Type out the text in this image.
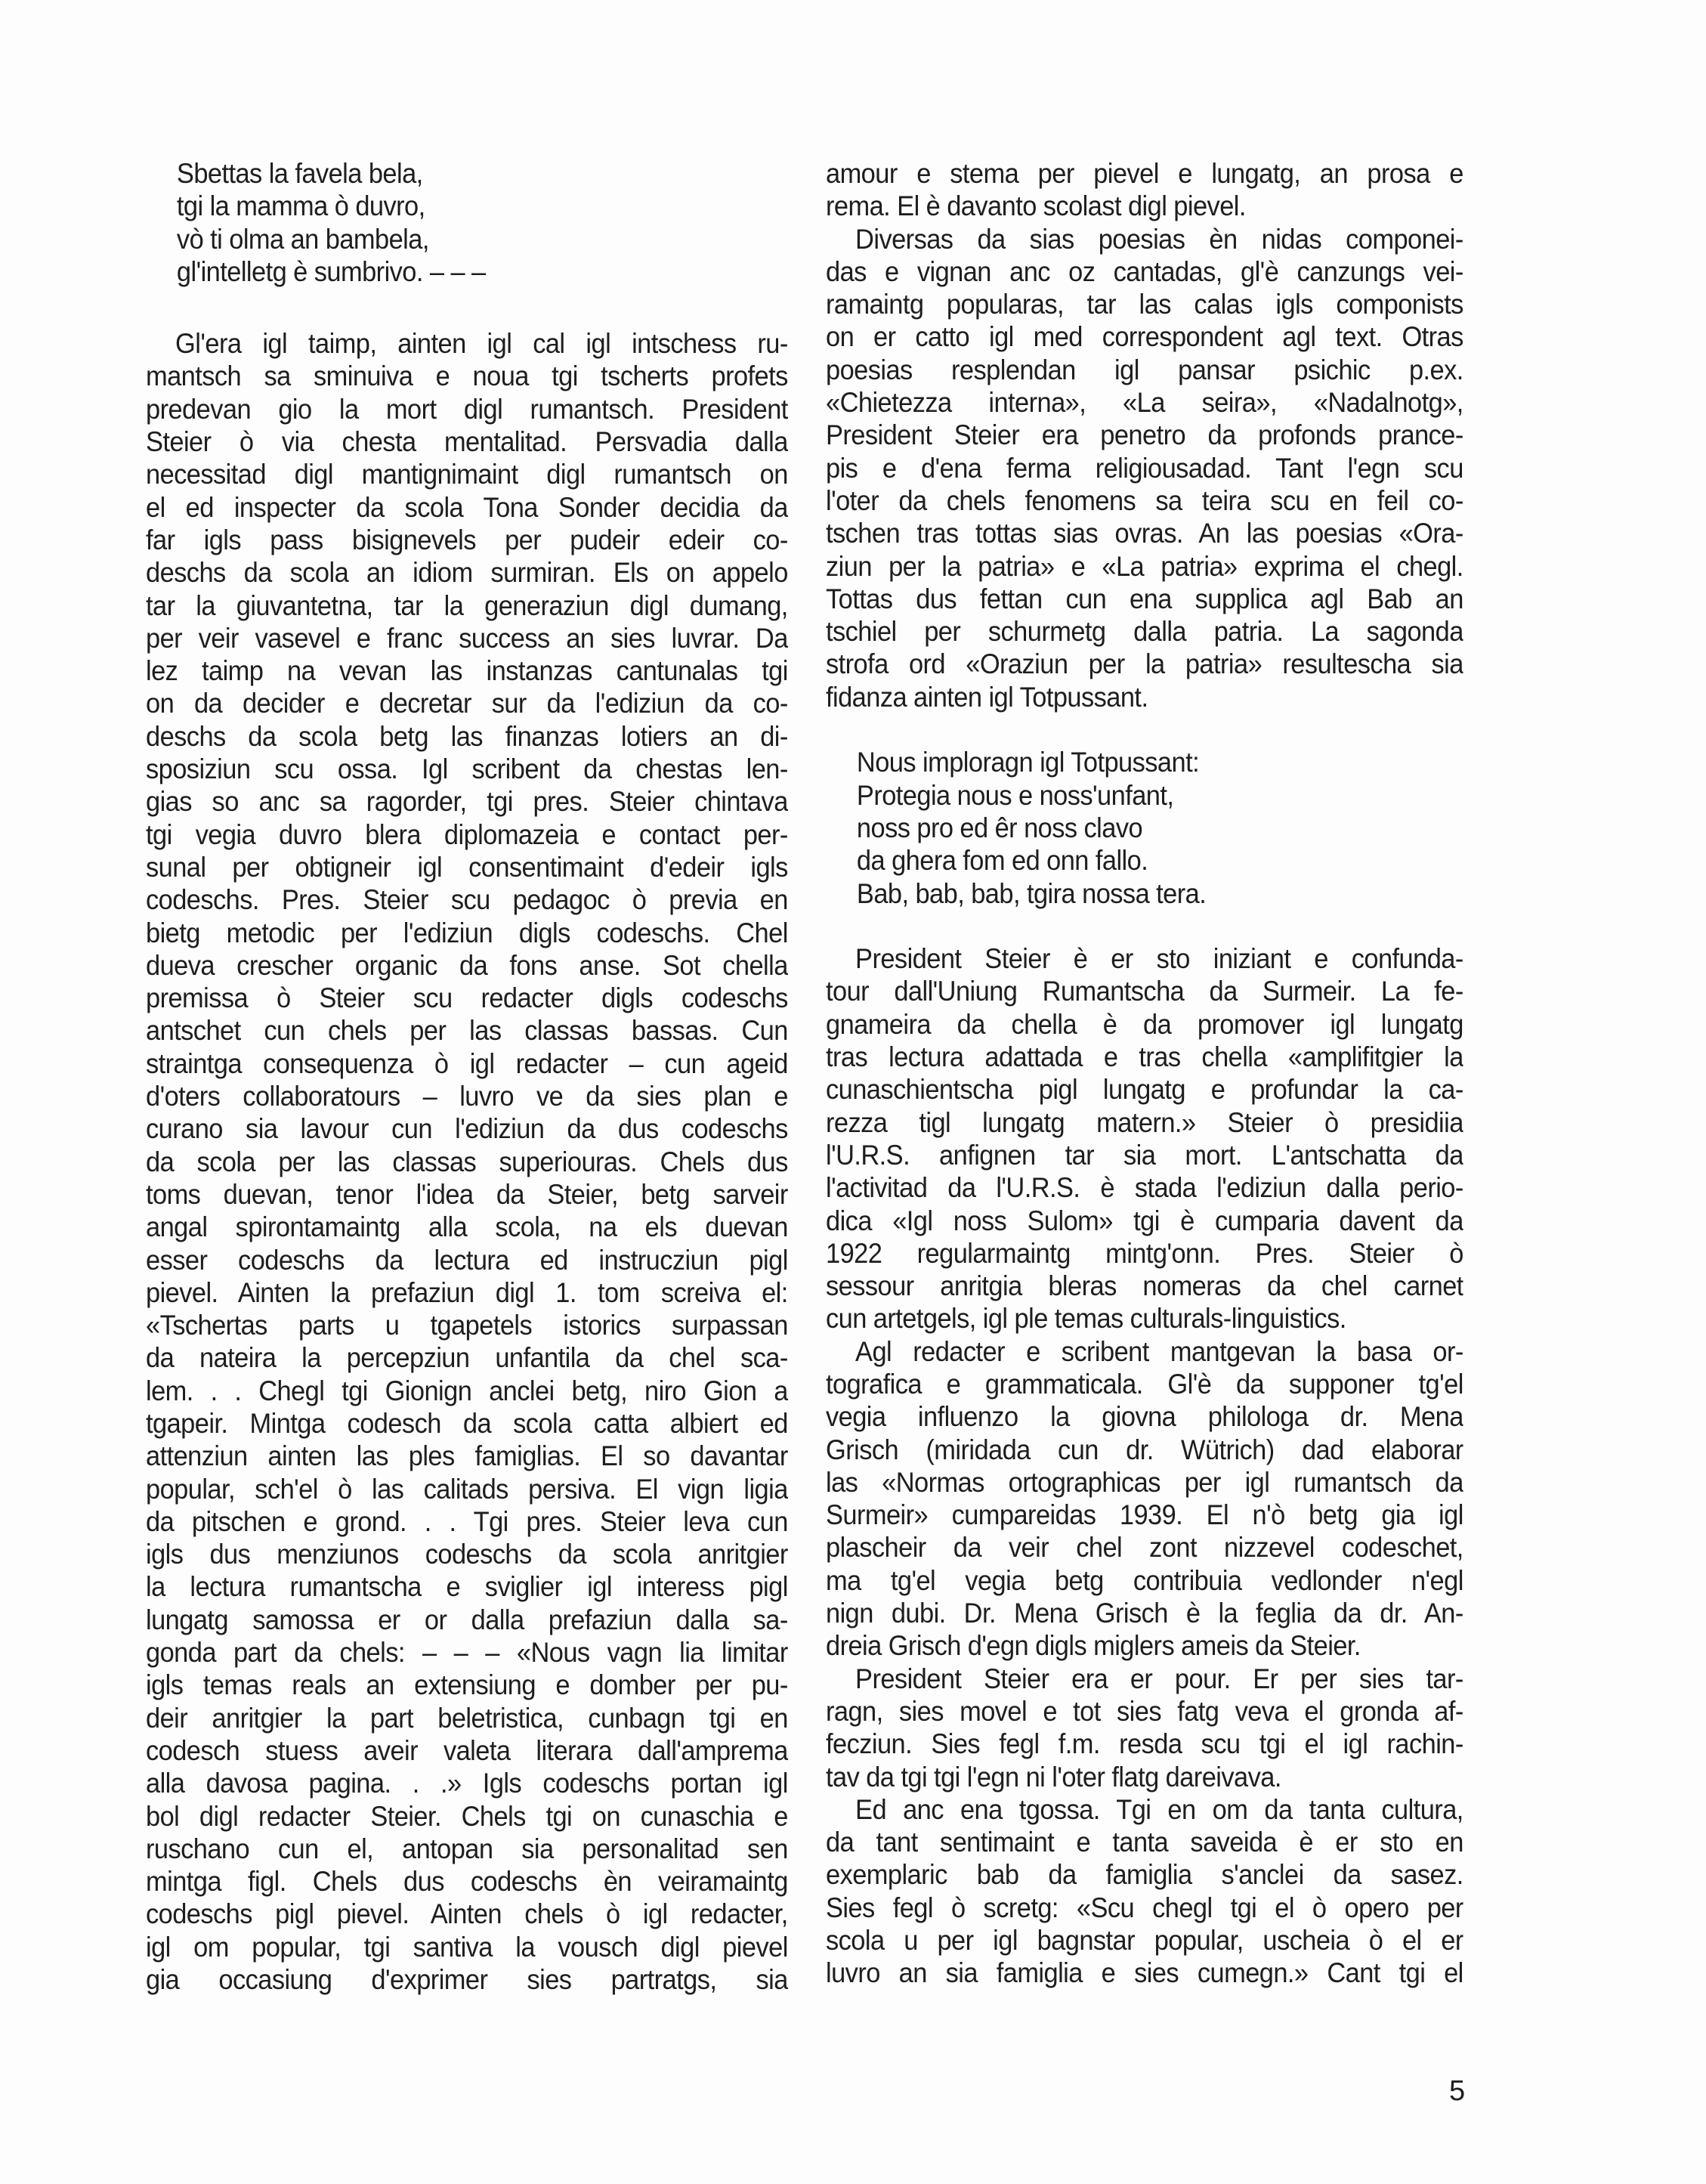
Sbettas la favela bela,
tgi la mamma ò duvro,
vò ti olma an bambela,
gl'intelletg è sumbrivo. – – –
Gl'era igl taimp, ainten igl cal igl intschess ru-
mantsch sa sminuiva e noua tgi tscherts profets
predevan gio la mort digl rumantsch. President
Steier ò via chesta mentalitad. Persvadia dalla
necessitad digl mantignimaint digl rumantsch on
el ed inspecter da scola Tona Sonder decidia da
far igls pass bisignevels per pudeir edeir co-
deschs da scola an idiom surmiran. Els on appelo
tar la giuvantetna, tar la generaziun digl dumang,
per veir vasevel e franc success an sies luvrar. Da
lez taimp na vevan las instanzas cantunalas tgi
on da decider e decretar sur da l'ediziun da co-
deschs da scola betg las finanzas lotiers an di-
sposiziun scu ossa. Igl scribent da chestas len-
gias so anc sa ragorder, tgi pres. Steier chintava
tgi vegia duvro blera diplomazeia e contact per-
sunal per obtigneir igl consentimaint d'edeir igls
codeschs. Pres. Steier scu pedagoc ò previa en
bietg metodic per l'ediziun digls codeschs. Chel
dueva crescher organic da fons anse. Sot chella
premissa ò Steier scu redacter digls codeschs
antschet cun chels per las classas bassas. Cun
straintga consequenza ò igl redacter – cun ageid
d'oters collaboratours – luvro ve da sies plan e
curano sia lavour cun l'ediziun da dus codeschs
da scola per las classas superiouras. Chels dus
toms duevan, tenor l'idea da Steier, betg sarveir
angal spirontamaintg alla scola, na els duevan
esser codeschs da lectura ed instrucziun pigl
pievel. Ainten la prefaziun digl 1. tom screiva el:
«Tschertas parts u tgapetels istorics surpassan
da nateira la percepziun unfantila da chel sca-
lem. . . Chegl tgi Gionign anclei betg, niro Gion a
tgapeir. Mintga codesch da scola catta albiert ed
attenziun ainten las ples famiglias. El so davantar
popular, sch'el ò las calitads persiva. El vign ligia
da pitschen e grond. . . Tgi pres. Steier leva cun
igls dus menziunos codeschs da scola anritgier
la lectura rumantscha e sviglier igl interess pigl
lungatg samossa er or dalla prefaziun dalla sa-
gonda part da chels: – – – «Nous vagn lia limitar
igls temas reals an extensiung e domber per pu-
deir anritgier la part beletristica, cunbagn tgi en
codesch stuess aveir valeta literara dall'amprema
alla davosa pagina. . .» Igls codeschs portan igl
bol digl redacter Steier. Chels tgi on cunaschia e
ruschano cun el, antopan sia personalitad sen
mintga figl. Chels dus codeschs èn veiramaintg
codeschs pigl pievel. Ainten chels ò igl redacter,
igl om popular, tgi santiva la vousch digl pievel
gia occasiung d'exprimer sies partratgs, sia
amour e stema per pievel e lungatg, an prosa e
rema. El è davanto scolast digl pievel.
Diversas da sias poesias èn nidas componei-
das e vignan anc oz cantadas, gl'è canzungs vei-
ramaintg popularas, tar las calas igls componists
on er catto igl med correspondent agl text. Otras
poesias resplendan igl pansar psichic p.ex.
«Chietezza interna», «La seira», «Nadalnotg»,
President Steier era penetro da profonds prance-
pis e d'ena ferma religiousadad. Tant l'egn scu
l'oter da chels fenomens sa teira scu en feil co-
tschen tras tottas sias ovras. An las poesias «Ora-
ziun per la patria» e «La patria» exprima el chegl.
Tottas dus fettan cun ena supplica agl Bab an
tschiel per schurmetg dalla patria. La sagonda
strofa ord «Oraziun per la patria» resultescha sia
fidanza ainten igl Totpussant.
Nous imploragn igl Totpussant:
Protegia nous e noss'unfant,
noss pro ed êr noss clavo
da ghera fom ed onn fallo.
Bab, bab, bab, tgira nossa tera.
President Steier è er sto iniziant e confunda-
tour dall'Uniung Rumantscha da Surmeir. La fe-
gnameira da chella è da promover igl lungatg
tras lectura adattada e tras chella «amplifitgier la
cunaschientscha pigl lungatg e profundar la ca-
rezza tigl lungatg matern.» Steier ò presidiia
l'U.R.S. anfignen tar sia mort. L'antschatta da
l'activitad da l'U.R.S. è stada l'ediziun dalla perio-
dica «Igl noss Sulom» tgi è cumparia davent da
1922 regularmaintg mintg'onn. Pres. Steier ò
sessour anritgia bleras nomeras da chel carnet
cun artetgels, igl ple temas culturals-linguistics.
Agl redacter e scribent mantgevan la basa or-
tografica e grammaticala. Gl'è da supponer tg'el
vegia influenzo la giovna philologa dr. Mena
Grisch (miridada cun dr. Wütrich) dad elaborar
las «Normas ortographicas per igl rumantsch da
Surmeir» cumpareidas 1939. El n'ò betg gia igl
plascheir da veir chel zont nizzevel codeschet,
ma tg'el vegia betg contribuia vedlonder n'egl
nign dubi. Dr. Mena Grisch è la feglia da dr. An-
dreia Grisch d'egn digls miglers ameis da Steier.
President Steier era er pour. Er per sies tar-
ragn, sies movel e tot sies fatg veva el gronda af-
fecziun. Sies fegl f.m. resda scu tgi el igl rachin-
tav da tgi tgi l'egn ni l'oter flatg dareivava.
Ed anc ena tgossa. Tgi en om da tanta cultura,
da tant sentimaint e tanta saveida è er sto en
exemplaric bab da famiglia s'anclei da sasez.
Sies fegl ò scretg: «Scu chegl tgi el ò opero per
scola u per igl bagnstar popular, uscheia ò el er
luvro an sia famiglia e sies cumegn.» Cant tgi el
5
